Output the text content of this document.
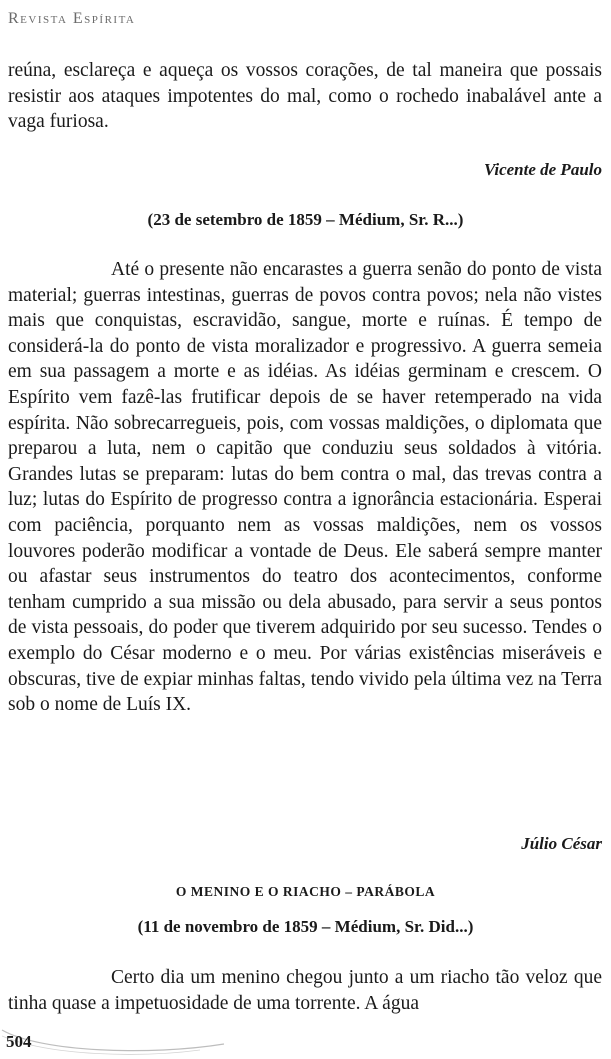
Revista Espírita

reúna, esclareça e aqueça os vossos corações, de tal maneira que possais resistir aos ataques impotentes do mal, como o rochedo inabalável ante a vaga furiosa.

Vicente de Paulo
(23 de setembro de 1859 – Médium, Sr. R...)

Até o presente não encarastes a guerra senão do ponto de vista material; guerras intestinas, guerras de povos contra povos; nela não vistes mais que conquistas, escravidão, sangue, morte e ruínas. É tempo de considerá-la do ponto de vista moralizador e progressivo. A guerra semeia em sua passagem a morte e as idéias. As idéias germinam e crescem. O Espírito vem fazê-las frutificar depois de se haver retemperado na vida espírita. Não sobrecarregueis, pois, com vossas maldições, o diplomata que preparou a luta, nem o capitão que conduziu seus soldados à vitória. Grandes lutas se preparam: lutas do bem contra o mal, das trevas contra a luz; lutas do Espírito de progresso contra a ignorância estacionária. Esperai com paciência, porquanto nem as vossas maldições, nem os vossos louvores poderão modificar a vontade de Deus. Ele saberá sempre manter ou afastar seus instrumentos do teatro dos acontecimentos, conforme tenham cumprido a sua missão ou dela abusado, para servir a seus pontos de vista pessoais, do poder que tiverem adquirido por seu sucesso. Tendes o exemplo do César moderno e o meu. Por várias existências miseráveis e obscuras, tive de expiar minhas faltas, tendo vivido pela última vez na Terra sob o nome de Luís IX.

Júlio César
O MENINO E O RIACHO – PARÁBOLA
(11 de novembro de 1859 – Médium, Sr. Did...)

Certo dia um menino chegou junto a um riacho tão veloz que tinha quase a impetuosidade de uma torrente. A água

504
